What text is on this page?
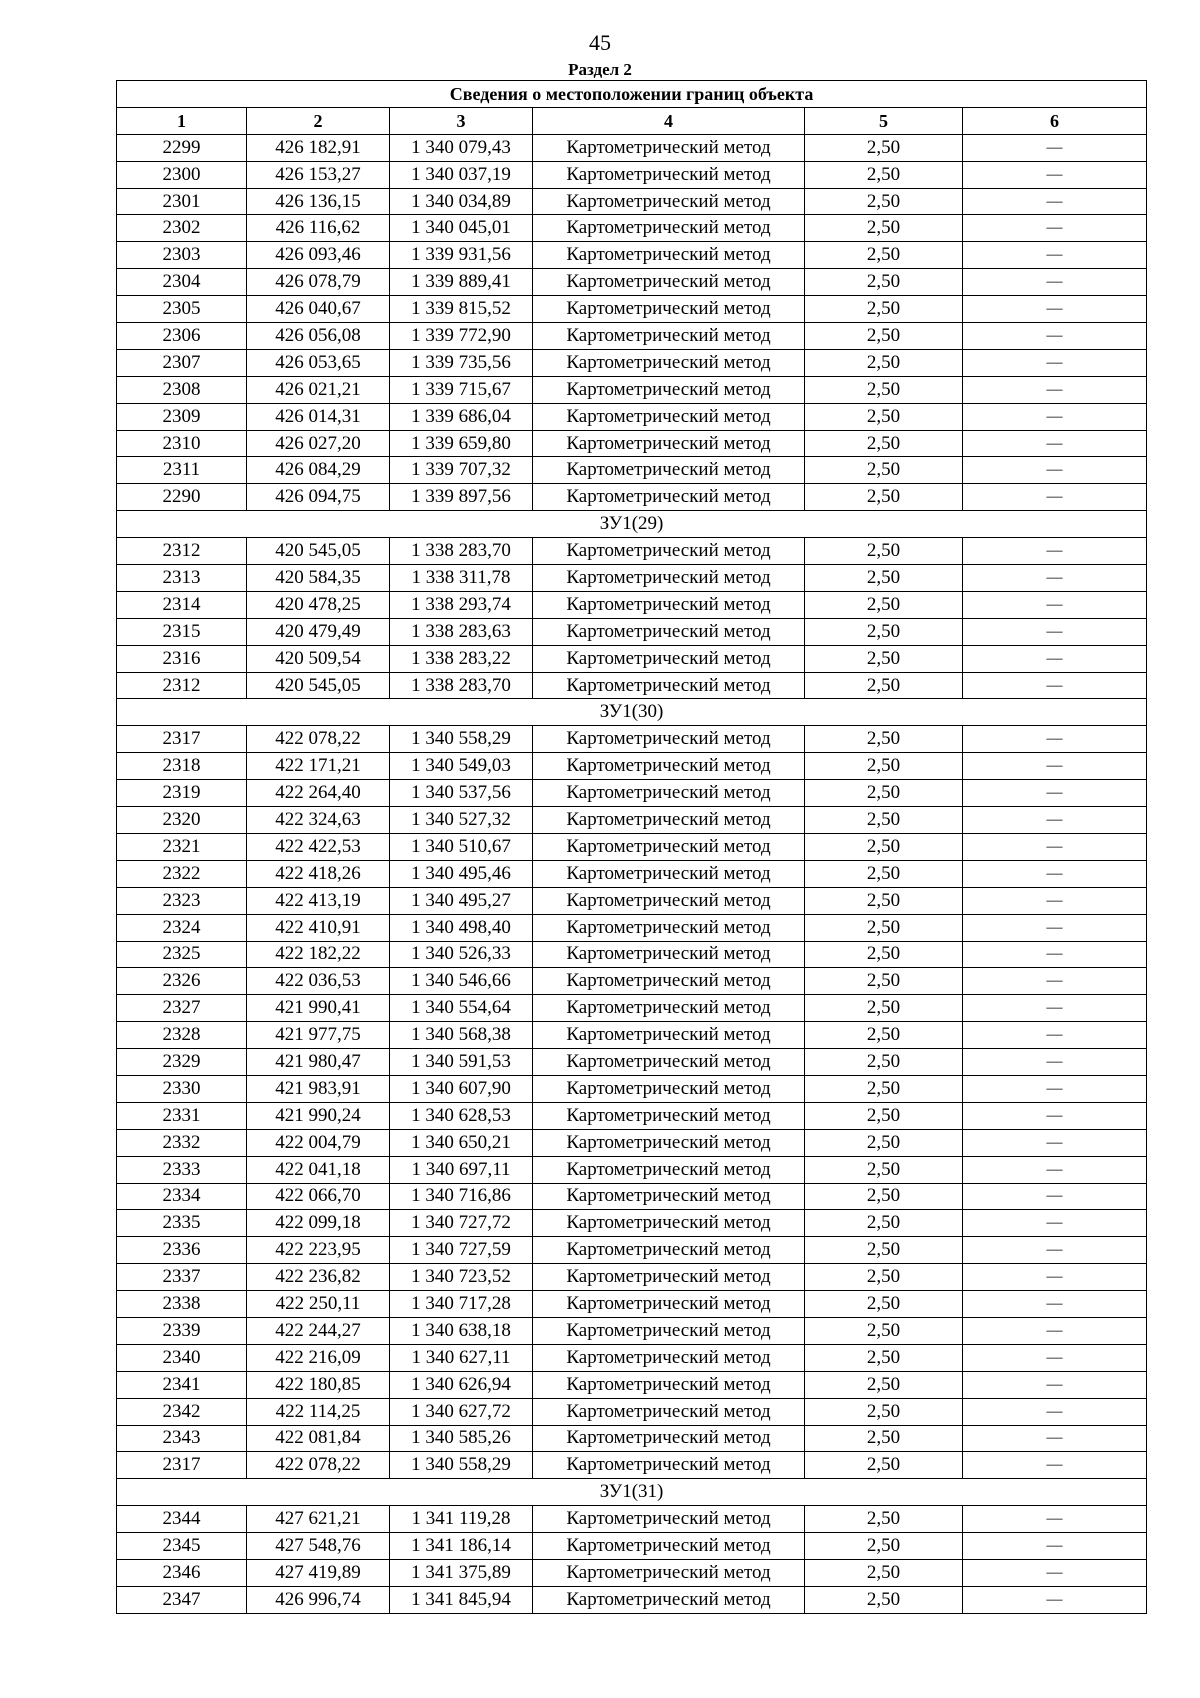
45
Раздел 2
Сведения о местоположении границ объекта					
1	2	3	4	5	6
2299	426 182,91	1 340 079,43	Картометрический метод	2,50	—
2300	426 153,27	1 340 037,19	Картометрический метод	2,50	—
2301	426 136,15	1 340 034,89	Картометрический метод	2,50	—
2302	426 116,62	1 340 045,01	Картометрический метод	2,50	—
2303	426 093,46	1 339 931,56	Картометрический метод	2,50	—
2304	426 078,79	1 339 889,41	Картометрический метод	2,50	—
2305	426 040,67	1 339 815,52	Картометрический метод	2,50	—
2306	426 056,08	1 339 772,90	Картометрический метод	2,50	—
2307	426 053,65	1 339 735,56	Картометрический метод	2,50	—
2308	426 021,21	1 339 715,67	Картометрический метод	2,50	—
2309	426 014,31	1 339 686,04	Картометрический метод	2,50	—
2310	426 027,20	1 339 659,80	Картометрический метод	2,50	—
2311	426 084,29	1 339 707,32	Картометрический метод	2,50	—
2290	426 094,75	1 339 897,56	Картометрический метод	2,50	—
ЗУ1(29)					
2312	420 545,05	1 338 283,70	Картометрический метод	2,50	—
2313	420 584,35	1 338 311,78	Картометрический метод	2,50	—
2314	420 478,25	1 338 293,74	Картометрический метод	2,50	—
2315	420 479,49	1 338 283,63	Картометрический метод	2,50	—
2316	420 509,54	1 338 283,22	Картометрический метод	2,50	—
2312	420 545,05	1 338 283,70	Картометрический метод	2,50	—
ЗУ1(30)					
2317	422 078,22	1 340 558,29	Картометрический метод	2,50	—
2318	422 171,21	1 340 549,03	Картометрический метод	2,50	—
2319	422 264,40	1 340 537,56	Картометрический метод	2,50	—
2320	422 324,63	1 340 527,32	Картометрический метод	2,50	—
2321	422 422,53	1 340 510,67	Картометрический метод	2,50	—
2322	422 418,26	1 340 495,46	Картометрический метод	2,50	—
2323	422 413,19	1 340 495,27	Картометрический метод	2,50	—
2324	422 410,91	1 340 498,40	Картометрический метод	2,50	—
2325	422 182,22	1 340 526,33	Картометрический метод	2,50	—
2326	422 036,53	1 340 546,66	Картометрический метод	2,50	—
2327	421 990,41	1 340 554,64	Картометрический метод	2,50	—
2328	421 977,75	1 340 568,38	Картометрический метод	2,50	—
2329	421 980,47	1 340 591,53	Картометрический метод	2,50	—
2330	421 983,91	1 340 607,90	Картометрический метод	2,50	—
2331	421 990,24	1 340 628,53	Картометрический метод	2,50	—
2332	422 004,79	1 340 650,21	Картометрический метод	2,50	—
2333	422 041,18	1 340 697,11	Картометрический метод	2,50	—
2334	422 066,70	1 340 716,86	Картометрический метод	2,50	—
2335	422 099,18	1 340 727,72	Картометрический метод	2,50	—
2336	422 223,95	1 340 727,59	Картометрический метод	2,50	—
2337	422 236,82	1 340 723,52	Картометрический метод	2,50	—
2338	422 250,11	1 340 717,28	Картометрический метод	2,50	—
2339	422 244,27	1 340 638,18	Картометрический метод	2,50	—
2340	422 216,09	1 340 627,11	Картометрический метод	2,50	—
2341	422 180,85	1 340 626,94	Картометрический метод	2,50	—
2342	422 114,25	1 340 627,72	Картометрический метод	2,50	—
2343	422 081,84	1 340 585,26	Картометрический метод	2,50	—
2317	422 078,22	1 340 558,29	Картометрический метод	2,50	—
ЗУ1(31)					
2344	427 621,21	1 341 119,28	Картометрический метод	2,50	—
2345	427 548,76	1 341 186,14	Картометрический метод	2,50	—
2346	427 419,89	1 341 375,89	Картометрический метод	2,50	—
2347	426 996,74	1 341 845,94	Картометрический метод	2,50	—
